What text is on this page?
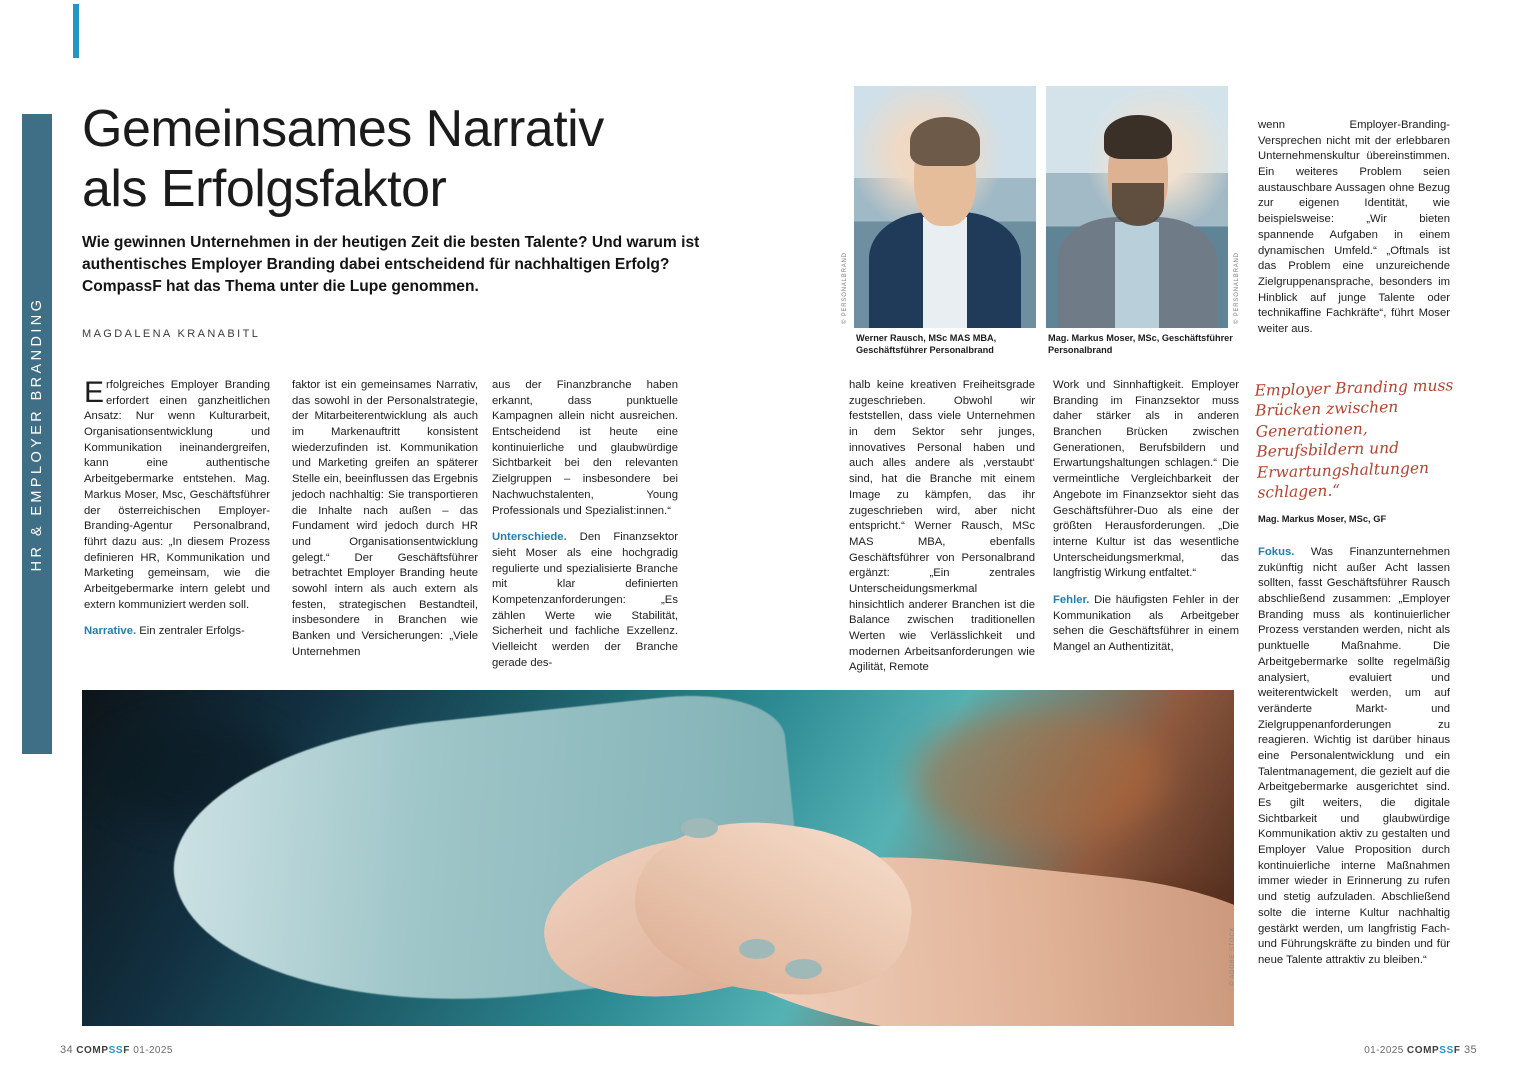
HR & EMPLOYER BRANDING
Gemeinsames Narrativ
als Erfolgsfaktor
Wie gewinnen Unternehmen in der heutigen Zeit die besten Talente? Und warum ist authentisches Employer Branding dabei entscheidend für nachhaltigen Erfolg? CompassF hat das Thema unter die Lupe genommen.
MAGDALENA KRANABITL

Erfolgreiches Employer Branding erfordert einen ganzheitlichen Ansatz: Nur wenn Kulturarbeit, Organisationsentwicklung und Kommunikation ineinandergreifen, kann eine authentische Arbeitgebermarke entstehen. Mag. Markus Moser, Msc, Geschäftsführer der österreichischen Employer-Branding-Agentur Personalbrand, führt dazu aus: „In diesem Prozess definieren HR, Kommunikation und Marketing gemeinsam, wie die Arbeitgebermarke intern gelebt und extern kommuniziert werden soll.

Narrative. Ein zentraler Erfolgs-

faktor ist ein gemeinsames Narrativ, das sowohl in der Personalstrategie, der Mitarbeiterentwicklung als auch im Markenauftritt konsistent wiederzufinden ist. Kommunikation und Marketing greifen an späterer Stelle ein, beeinflussen das Ergebnis jedoch nachhaltig: Sie transportieren die Inhalte nach außen – das Fundament wird jedoch durch HR und Organisationsentwicklung gelegt.“ Der Geschäftsführer betrachtet Employer Branding heute sowohl intern als auch extern als festen, strategischen Bestandteil, insbesondere in Branchen wie Banken und Versicherungen: „Viele Unternehmen

aus der Finanzbranche haben erkannt, dass punktuelle Kampagnen allein nicht ausreichen. Entscheidend ist heute eine kontinuierliche und glaubwürdige Sichtbarkeit bei den relevanten Zielgruppen – insbesondere bei Nachwuchstalenten, Young Professionals und Spezialist:innen.“

Unterschiede. Den Finanzsektor sieht Moser als eine hochgradig regulierte und spezialisierte Branche mit klar definierten Kompetenzanforderungen: „Es zählen Werte wie Stabilität, Sicherheit und fachliche Exzellenz. Vielleicht werden der Branche gerade des-

halb keine kreativen Freiheitsgrade zugeschrieben. Obwohl wir feststellen, dass viele Unternehmen in dem Sektor sehr junges, innovatives Personal haben und auch alles andere als ,verstaubt‘ sind, hat die Branche mit einem Image zu kämpfen, das ihr zugeschrieben wird, aber nicht entspricht.“ Werner Rausch, MSc MAS MBA, ebenfalls Geschäftsführer von Personalbrand ergänzt: „Ein zentrales Unterscheidungsmerkmal hinsichtlich anderer Branchen ist die Balance zwischen traditionellen Werten wie Verlässlichkeit und modernen Arbeitsanforderungen wie Agilität, Remote

Work und Sinnhaftigkeit. Employer Branding im Finanzsektor muss daher stärker als in anderen Branchen Brücken zwischen Generationen, Berufsbildern und Erwartungshaltungen schlagen.“ Die vermeintliche Vergleichbarkeit der Angebote im Finanzsektor sieht das Geschäftsführer-Duo als eine der größten Herausforderungen. „Die interne Kultur ist das wesentliche Unterscheidungsmerkmal, das langfristig Wirkung entfaltet.“

Fehler. Die häufigsten Fehler in der Kommunikation als Arbeitgeber sehen die Geschäftsführer in einem Mangel an Authentizität,

wenn Employer-Branding-Versprechen nicht mit der erlebbaren Unternehmenskultur übereinstimmen. Ein weiteres Problem seien austauschbare Aussagen ohne Bezug zur eigenen Identität, wie beispielsweise: „Wir bieten spannende Aufgaben in einem dynamischen Umfeld.“ „Oftmals ist das Problem eine unzureichende Zielgruppenansprache, besonders im Hinblick auf junge Talente oder technikaffine Fachkräfte“, führt Moser weiter aus.

Fokus. Was Finanzunternehmen zukünftig nicht außer Acht lassen sollten, fasst Geschäftsführer Rausch abschließend zusammen: „Employer Branding muss als kontinuierlicher Prozess verstanden werden, nicht als punktuelle Maßnahme. Die Arbeitgebermarke sollte regelmäßig analysiert, evaluiert und weiterentwickelt werden, um auf veränderte Markt- und Zielgruppenanforderungen zu reagieren. Wichtig ist darüber hinaus eine Personalentwicklung und ein Talentmanagement, die gezielt auf die Arbeitgebermarke ausgerichtet sind. Es gilt weiters, die digitale Sichtbarkeit und glaubwürdige Kommunikation aktiv zu gestalten und Employer Value Proposition durch kontinuierliche interne Maßnahmen immer wieder in Erinnerung zu rufen und stetig aufzuladen. Abschließend solte die interne Kultur nachhaltig gestärkt werden, um langfristig Fach- und Führungskräfte zu binden und für neue Talente attraktiv zu bleiben.“

© PERSONALBRAND
Werner Rausch, MSc MAS MBA, Geschäftsführer Personalbrand
© PERSONALBRAND
Mag. Markus Moser, MSc, Geschäftsführer Personalbrand
Employer Branding muss Brücken zwischen Generationen, Berufsbildern und Erwartungshaltungen schlagen.“
Mag. Markus Moser, MSc, GF
© ADOBE STOCK
34 COMPSSF 01-2025	01-2025 COMPSSF 35
